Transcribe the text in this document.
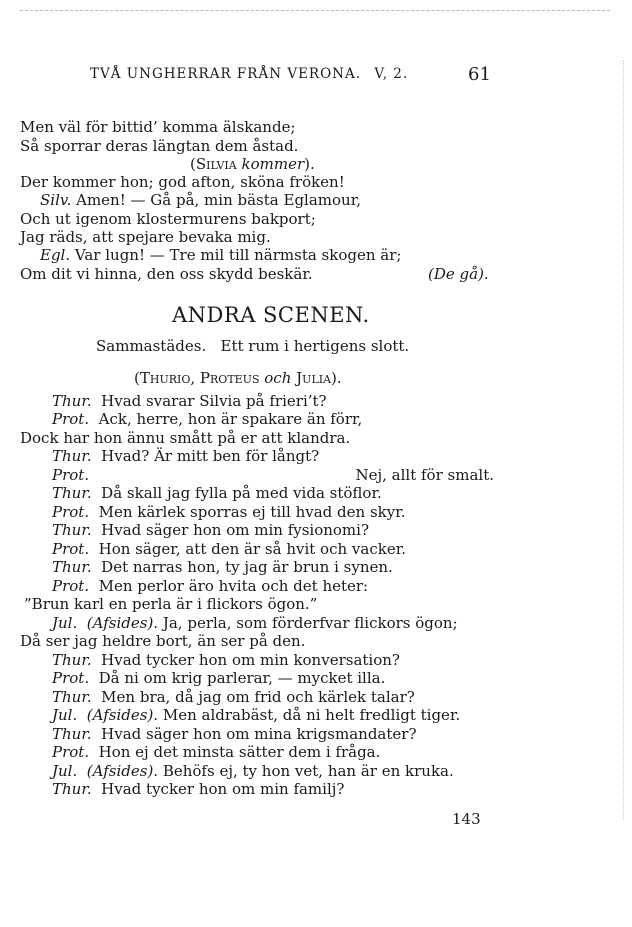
TVÅ UNGHERRAR FRÅN VERONA. V, 2.	61
Men väl för bittid’ komma älskande;
Så sporrar deras längtan dem åstad.
(Silvia kommer).
Der kommer hon; god afton, sköna fröken!
Silv. Amen! — Gå på, min bästa Eglamour,
Och ut igenom klostermurens bakport;
Jag räds, att spejare bevaka mig.
Egl. Var lugn! — Tre mil till närmsta skogen är;
Om dit vi hinna, den oss skydd beskär.	(De gå).
ANDRA SCENEN.
Sammastädes.   Ett rum i hertigens slott.
(Thurio, Proteus och Julia).
Thur. Hvad svarar Silvia på frieri’t?
Prot. Ack, herre, hon är spakare än förr,
Dock har hon ännu smått på er att klandra.
Thur. Hvad? Är mitt ben för långt?
Prot.	Nej, allt för smalt.
Thur. Då skall jag fylla på med vida stöflor.
Prot. Men kärlek sporras ej till hvad den skyr.
Thur. Hvad säger hon om min fysionomi?
Prot. Hon säger, att den är så hvit och vacker.
Thur. Det narras hon, ty jag är brun i synen.
Prot. Men perlor äro hvita och det heter:
”Brun karl en perla är i flickors ögon.”
Jul. (Afsides). Ja, perla, som förderfvar flickors ögon;
Då ser jag heldre bort, än ser på den.
Thur. Hvad tycker hon om min konversation?
Prot. Då ni om krig parlerar, — mycket illa.
Thur. Men bra, då jag om frid och kärlek talar?
Jul. (Afsides). Men aldrabäst, då ni helt fredligt tiger.
Thur. Hvad säger hon om mina krigsmandater?
Prot. Hon ej det minsta sätter dem i fråga.
Jul. (Afsides). Behöfs ej, ty hon vet, han är en kruka.
Thur. Hvad tycker hon om min familj?
143
